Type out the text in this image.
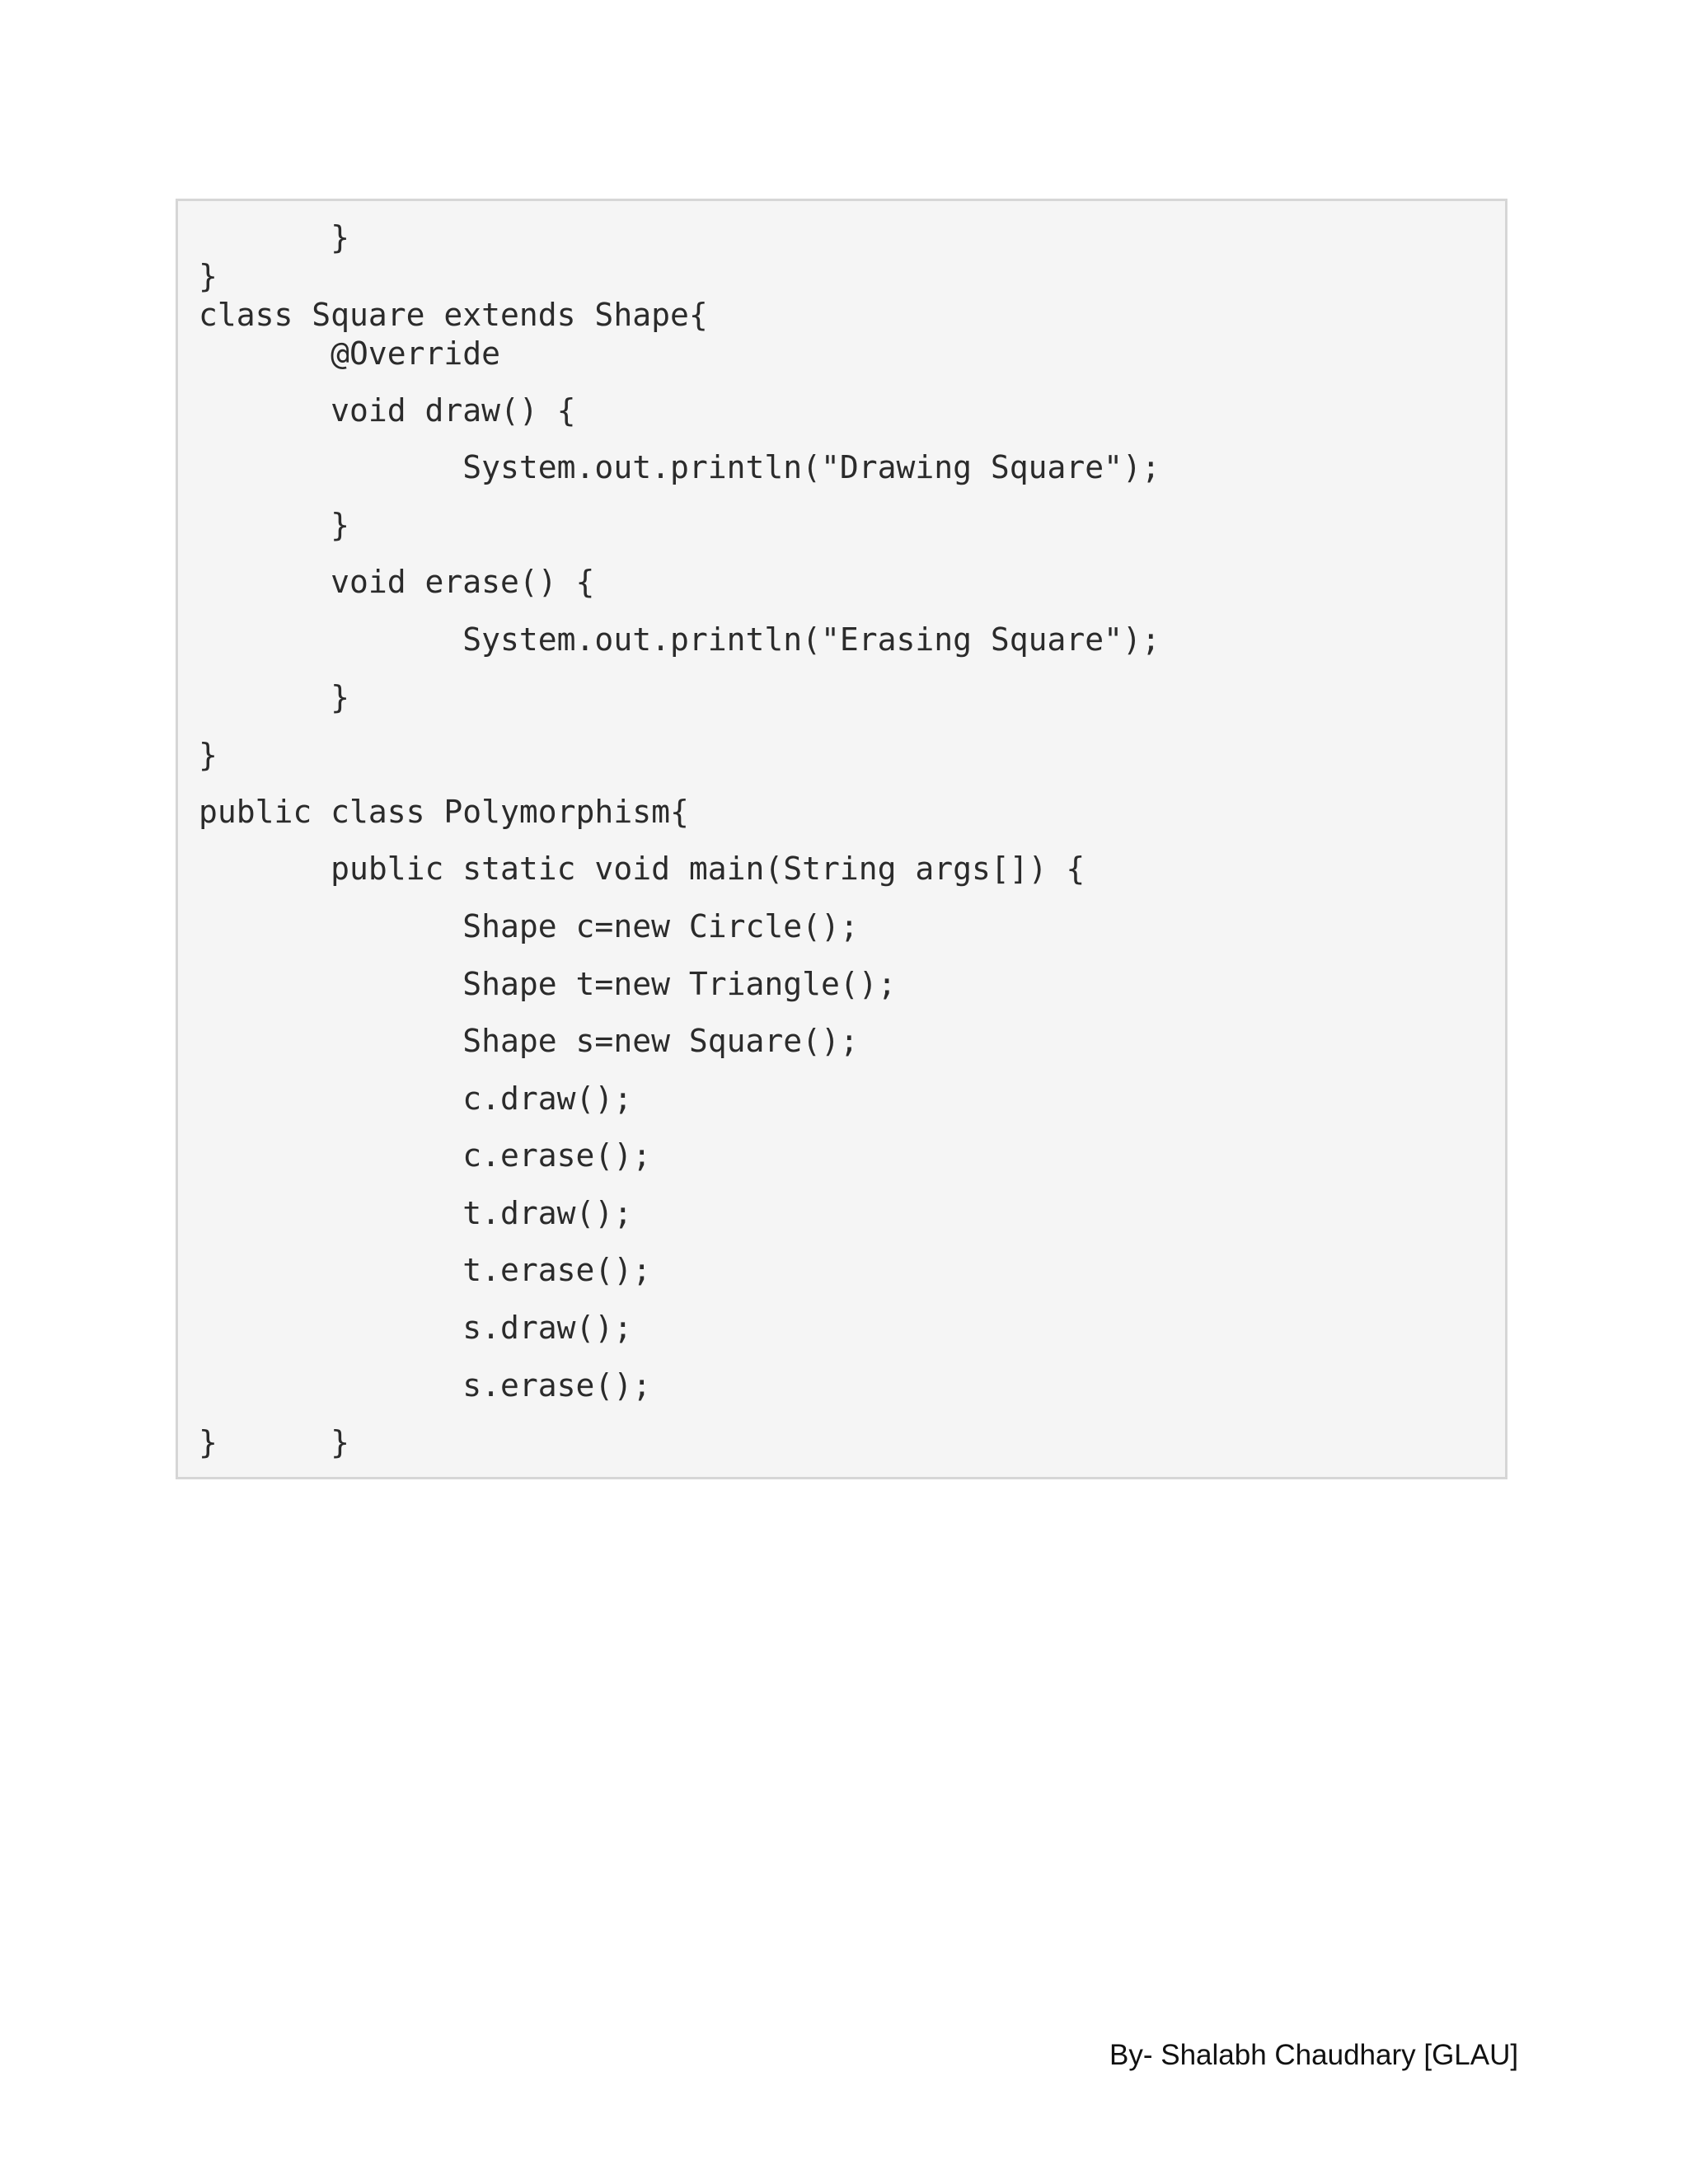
}
}
class Square extends Shape{
@Override
void draw() {
System.out.println("Drawing Square");
}
void erase() {
System.out.println("Erasing Square");
}
}
public class Polymorphism{
public static void main(String args[]) {
Shape c=new Circle();
Shape t=new Triangle();
Shape s=new Square();
c.draw();
c.erase();
t.draw();
t.erase();
s.draw();
s.erase();
}      }
By- Shalabh Chaudhary [GLAU]
